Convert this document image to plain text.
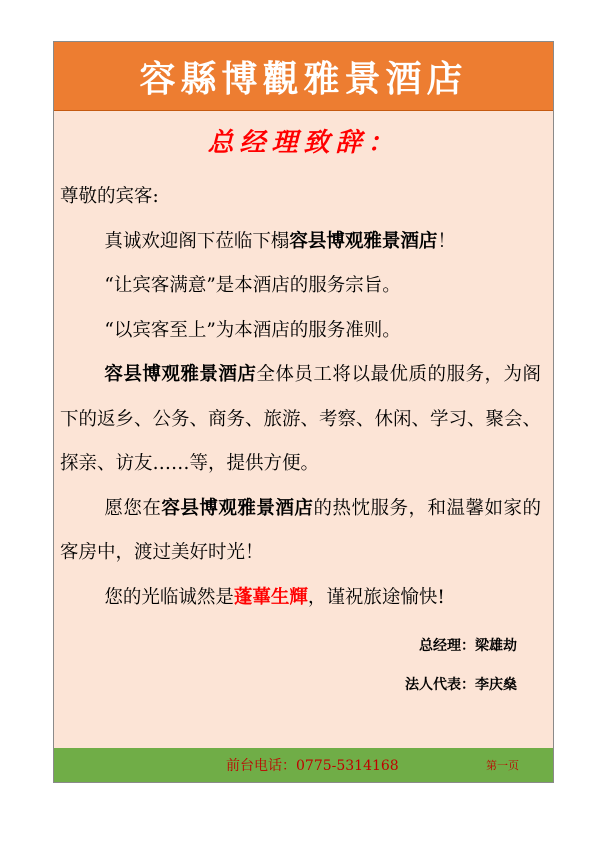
容縣博觀雅景酒店
总经理致辞：

尊敬的宾客:

真诚欢迎阁下莅临下榻容县博观雅景酒店！

“让宾客满意”是本酒店的服务宗旨。

“以宾客至上”为本酒店的服务准则。

容县博观雅景酒店全体员工将以最优质的服务，为阁下的返乡、公务、商务、旅游、考察、休闲、学习、聚会、探亲、访友……等，提供方便。

愿您在容县博观雅景酒店的热忱服务，和温馨如家的客房中，渡过美好时光！

您的光临诚然是蓬蓽生輝，谨祝旅途愉快!

总经理：梁雄劫
法人代表：李庆燊
前台电话：0775-5314168	第一页
